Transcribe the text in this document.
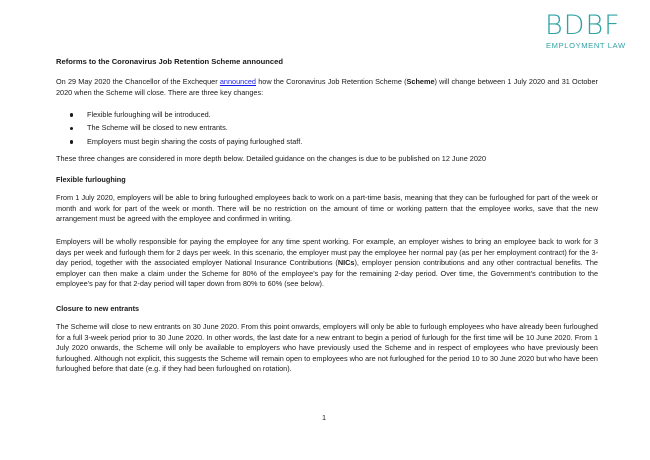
BDBF
EMPLOYMENT LAW
Reforms to the Coronavirus Job Retention Scheme announced

On 29 May 2020 the Chancellor of the Exchequer announced how the Coronavirus Job Retention Scheme (Scheme) will change between 1 July 2020 and 31 October 2020 when the Scheme will close. There are three key changes:

Flexible furloughing will be introduced.
The Scheme will be closed to new entrants.
Employers must begin sharing the costs of paying furloughed staff.

These three changes are considered in more depth below. Detailed guidance on the changes is due to be published on 12 June 2020

Flexible furloughing

From 1 July 2020, employers will be able to bring furloughed employees back to work on a part-time basis, meaning that they can be furloughed for part of the week or month and work for part of the week or month. There will be no restriction on the amount of time or working pattern that the employee works, save that the new arrangement must be agreed with the employee and confirmed in writing.

Employers will be wholly responsible for paying the employee for any time spent working. For example, an employer wishes to bring an employee back to work for 3 days per week and furlough them for 2 days per week. In this scenario, the employer must pay the employee her normal pay (as per her employment contract) for the 3-day period, together with the associated employer National Insurance Contributions (NICs), employer pension contributions and any other contractual benefits. The employer can then make a claim under the Scheme for 80% of the employee’s pay for the remaining 2-day period. Over time, the Government’s contribution to the employee’s pay for that 2-day period will taper down from 80% to 60% (see below).

Closure to new entrants

The Scheme will close to new entrants on 30 June 2020. From this point onwards, employers will only be able to furlough employees who have already been furloughed for a full 3-week period prior to 30 June 2020. In other words, the last date for a new entrant to begin a period of furlough for the first time will be 10 June 2020. From 1 July 2020 onwards, the Scheme will only be available to employers who have previously used the Scheme and in respect of employees who have previously been furloughed. Although not explicit, this suggests the Scheme will remain open to employees who are not furloughed for the period 10 to 30 June 2020 but who have been furloughed before that date (e.g. if they had been furloughed on rotation).

1
